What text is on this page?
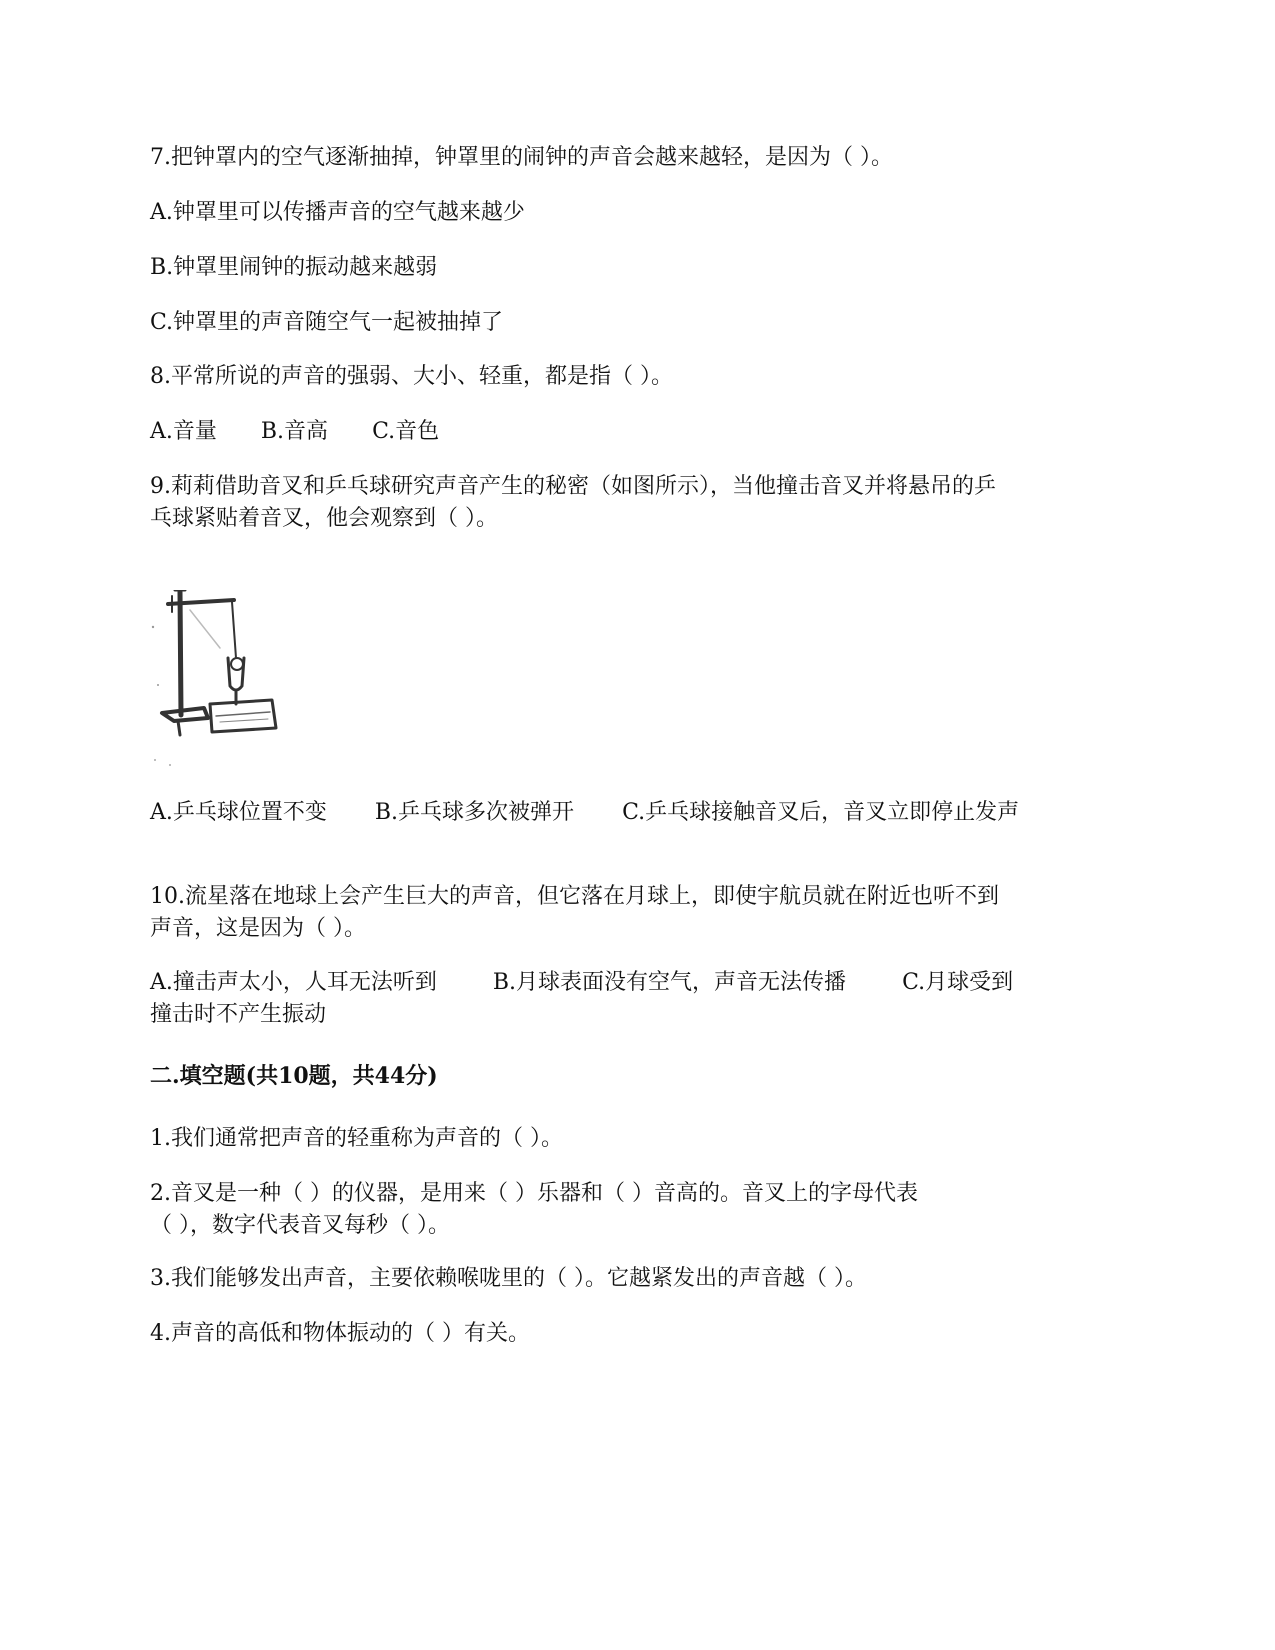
7.把钟罩内的空气逐渐抽掉，钟罩里的闹钟的声音会越来越轻，是因为（ ）。

A.钟罩里可以传播声音的空气越来越少

B.钟罩里闹钟的振动越来越弱

C.钟罩里的声音随空气一起被抽掉了

8.平常所说的声音的强弱、大小、轻重，都是指（ ）。

A.音量 B.音高 C.音色

9.莉莉借助音叉和乒乓球研究声音产生的秘密（如图所示），当他撞击音叉并将悬吊的乒

乓球紧贴着音叉，他会观察到（ ）。

A.乒乓球位置不变 B.乒乓球多次被弹开 C.乒乓球接触音叉后，音叉立即停止发声

10.流星落在地球上会产生巨大的声音，但它落在月球上，即使宇航员就在附近也听不到

声音，这是因为（ ）。

A.撞击声太小，人耳无法听到	B.月球表面没有空气，声音无法传播	C.月球受到

撞击时不产生振动

二.填空题(共10题，共44分)

1.我们通常把声音的轻重称为声音的（ ）。

2.音叉是一种（ ）的仪器，是用来（ ）乐器和（ ）音高的。音叉上的字母代表

（ ），数字代表音叉每秒（ ）。

3.我们能够发出声音，主要依赖喉咙里的（ ）。它越紧发出的声音越（ ）。

4.声音的高低和物体振动的（ ）有关。
